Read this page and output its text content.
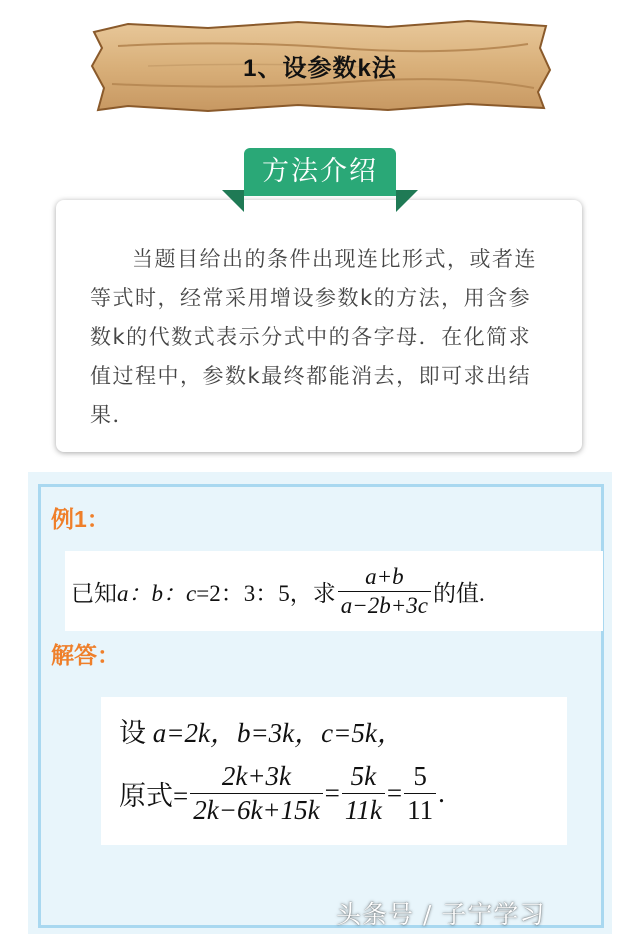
1、设参数k法

当题目给出的条件出现连比形式，或者连等式时，经常采用增设参数k的方法，用含参数k的代数式表示分式中的各字母．在化简求值过程中，参数k最终都能消去，即可求出结果．

方法介绍
例1：
已知 a：b：c =2：3：5，求 $\frac{a+b}{a-2b+3c}$ 的值.
解答：
设 a=2k，b=3k，c=5k，
原式= $\frac{2k+3k}{2k-6k+15k} = \frac{5k}{11k} = \frac{5}{11}$ .
头条号 / 子宁学习
